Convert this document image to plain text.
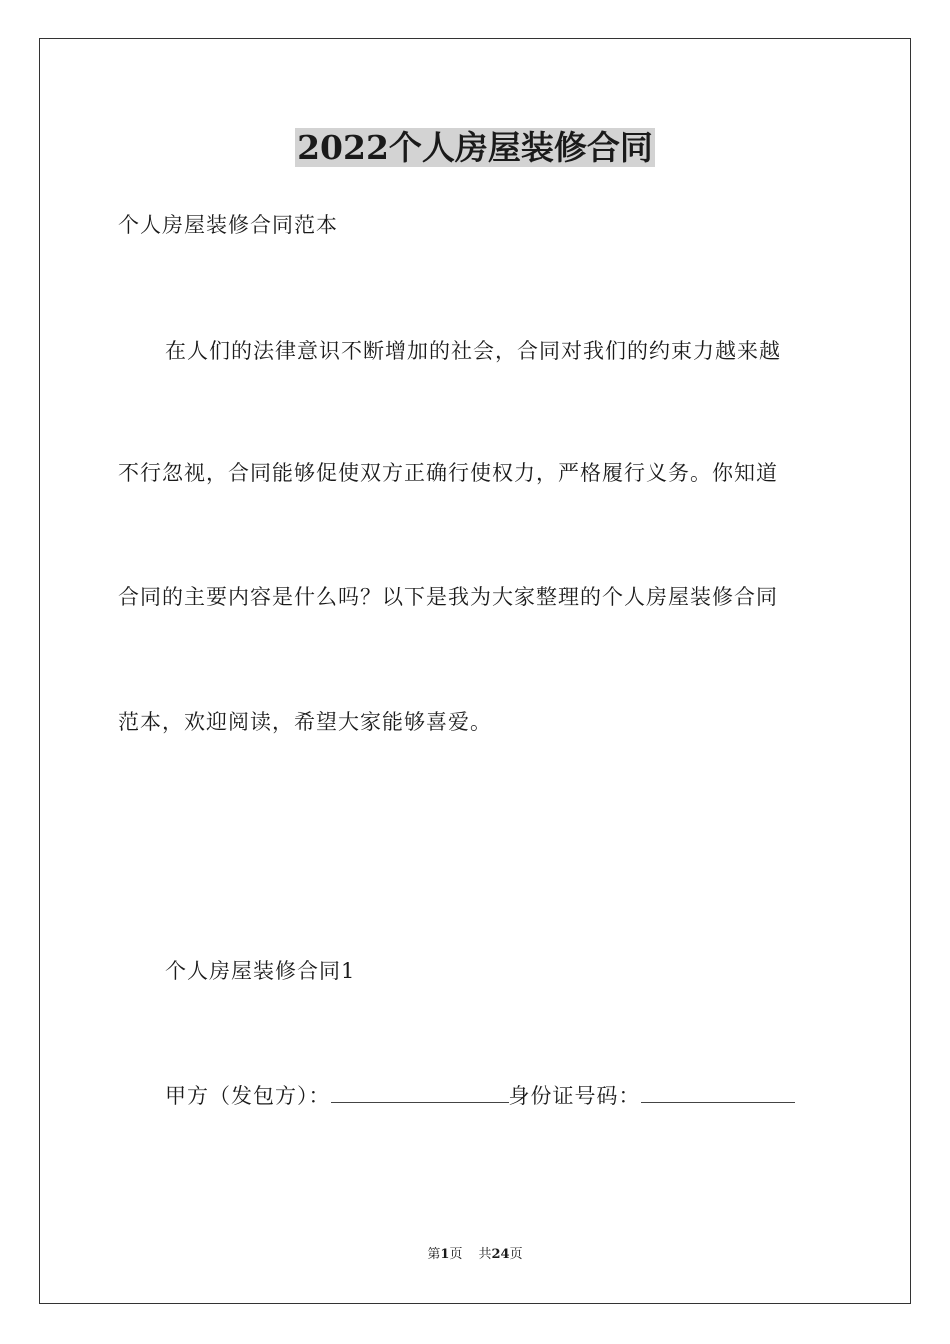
2022个人房屋装修合同
个人房屋装修合同范本
在人们的法律意识不断增加的社会，合同对我们的约束力越来越
不行忽视，合同能够促使双方正确行使权力，严格履行义务。你知道
合同的主要内容是什么吗？以下是我为大家整理的个人房屋装修合同
范本，欢迎阅读，希望大家能够喜爱。
个人房屋装修合同1
甲方（发包方）：	身份证号码：
第1页 共24页
